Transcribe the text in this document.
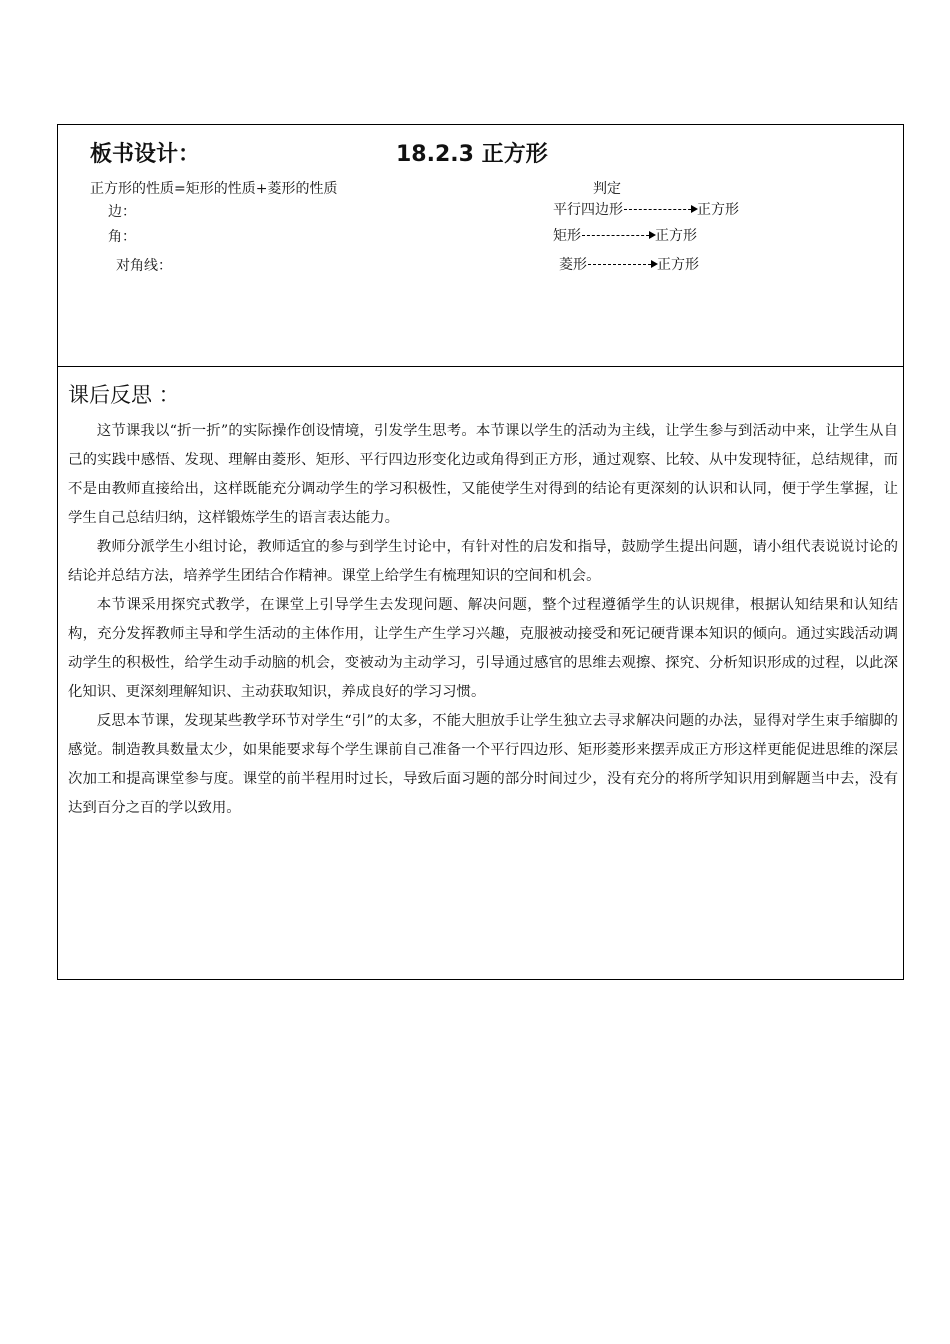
板书设计：	18.2.3 正方形
正方形的性质=矩形的性质+菱形的性质
边：
角：
对角线：
判定
平行四边形	正方形
矩形	正方形
菱形	正方形
课后反思 ：

这节课我以“折一折”的实际操作创设情境，引发学生思考。本节课以学生的活动为主线，让学生参与到活动中来，让学生从自己的实践中感悟、发现、理解由菱形、矩形、平行四边形变化边或角得到正方形，通过观察、比较、从中发现特征，总结规律，而不是由教师直接给出，这样既能充分调动学生的学习积极性，又能使学生对得到的结论有更深刻的认识和认同，便于学生掌握，让学生自己总结归纳，这样锻炼学生的语言表达能力。

教师分派学生小组讨论，教师适宜的参与到学生讨论中，有针对性的启发和指导，鼓励学生提出问题，请小组代表说说讨论的结论并总结方法，培养学生团结合作精神。课堂上给学生有梳理知识的空间和机会。

本节课采用探究式教学，在课堂上引导学生去发现问题、解决问题，整个过程遵循学生的认识规律，根据认知结果和认知结构，充分发挥教师主导和学生活动的主体作用，让学生产生学习兴趣，克服被动接受和死记硬背课本知识的倾向。通过实践活动调动学生的积极性，给学生动手动脑的机会，变被动为主动学习，引导通过感官的思维去观擦、探究、分析知识形成的过程，以此深化知识、更深刻理解知识、主动获取知识，养成良好的学习习惯。

反思本节课，发现某些教学环节对学生“引”的太多，不能大胆放手让学生独立去寻求解决问题的办法，显得对学生束手缩脚的感觉。制造教具数量太少，如果能要求每个学生课前自己准备一个平行四边形、矩形菱形来摆弄成正方形这样更能促进思维的深层次加工和提高课堂参与度。课堂的前半程用时过长，导致后面习题的部分时间过少，没有充分的将所学知识用到解题当中去，没有达到百分之百的学以致用。
